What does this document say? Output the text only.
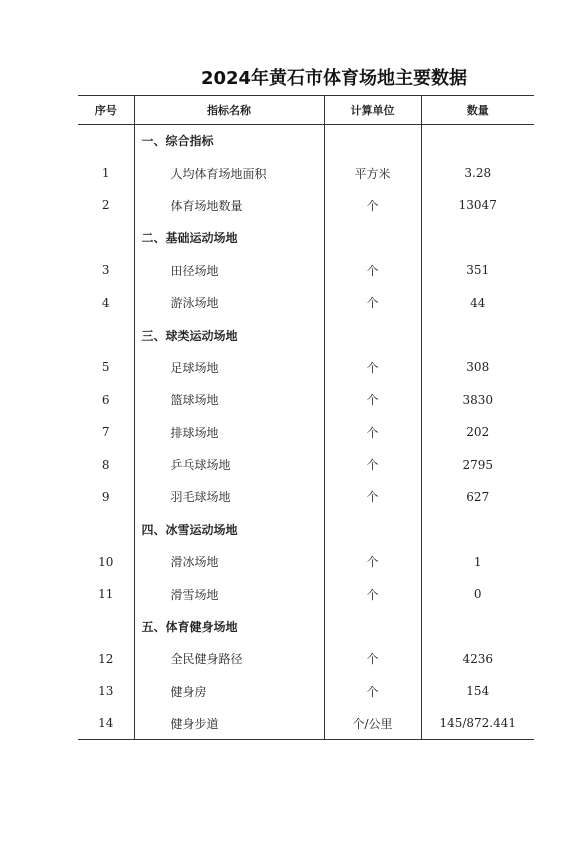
2024年黄石市体育场地主要数据
序号	指标名称	计算单位	数量
	一、综合指标		
1	人均体育场地面积	平方米	3.28
2	体育场地数量	个	13047
	二、基础运动场地		
3	田径场地	个	351
4	游泳场地	个	44
	三、球类运动场地		
5	足球场地	个	308
6	篮球场地	个	3830
7	排球场地	个	202
8	乒乓球场地	个	2795
9	羽毛球场地	个	627
	四、冰雪运动场地		
10	滑冰场地	个	1
11	滑雪场地	个	0
	五、体育健身场地		
12	全民健身路径	个	4236
13	健身房	个	154
14	健身步道	个/公里	145/872.441
